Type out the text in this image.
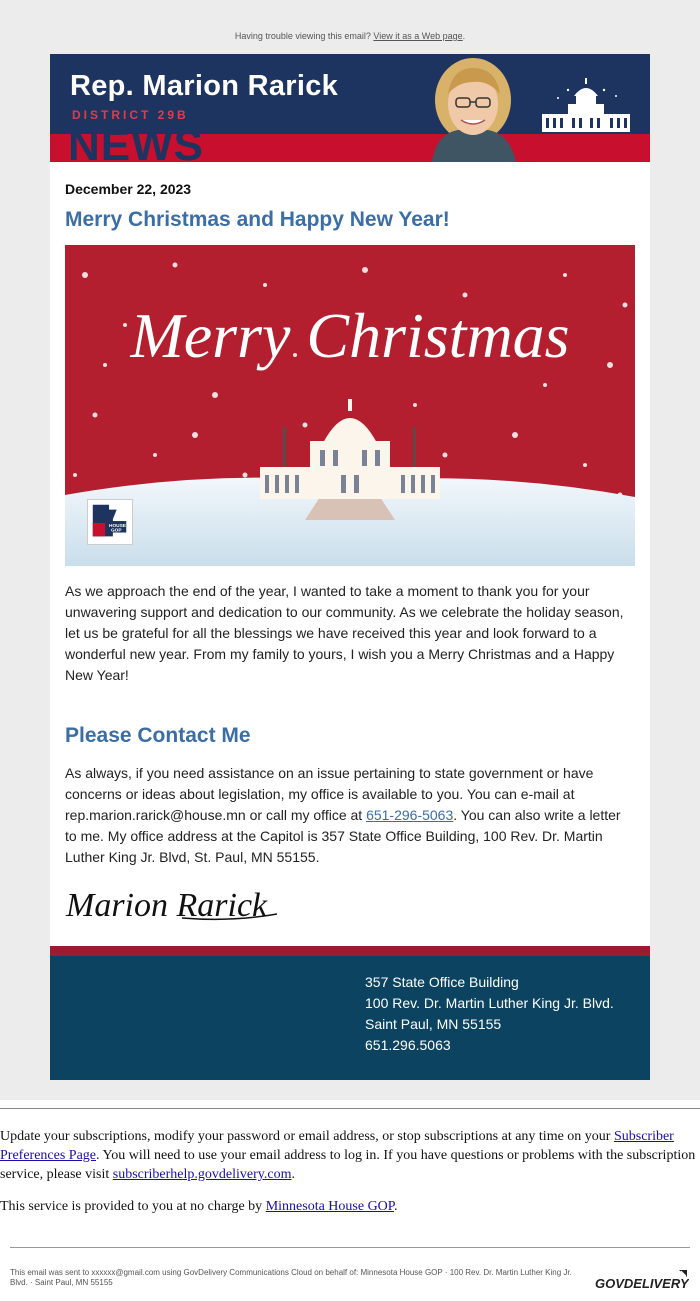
Having trouble viewing this email? View it as a Web page.
NEWS
Rep. Marion Rarick
DISTRICT 29B
December 22, 2023
Merry Christmas and Happy New Year!
Merry Christmas
HOUSE
GOP
As we approach the end of the year, I wanted to take a moment to thank you for your unwavering support and dedication to our community. As we celebrate the holiday season, let us be grateful for all the blessings we have received this year and look forward to a wonderful new year. From my family to yours, I wish you a Merry Christmas and a Happy New Year!
Please Contact Me
As always, if you need assistance on an issue pertaining to state government or have concerns or ideas about legislation, my office is available to you. You can e-mail at rep.marion.rarick@house.mn or call my office at 651-296-5063. You can also write a letter to me. My office address at the Capitol is 357 State Office Building, 100 Rev. Dr. Martin Luther King Jr. Blvd, St. Paul, MN 55155.
Marion Rarick
357 State Office Building
100 Rev. Dr. Martin Luther King Jr. Blvd.
Saint Paul, MN 55155
651.296.5063
Update your subscriptions, modify your password or email address, or stop subscriptions at any time on your Subscriber Preferences Page. You will need to use your email address to log in. If you have questions or problems with the subscription service, please visit subscriberhelp.govdelivery.com.
This service is provided to you at no charge by Minnesota House GOP.
This email was sent to xxxxxx@gmail.com using GovDelivery Communications Cloud on behalf of: Minnesota House GOP · 100 Rev. Dr. Martin Luther King Jr. Blvd. · Saint Paul, MN 55155	GOVDELIVERY
